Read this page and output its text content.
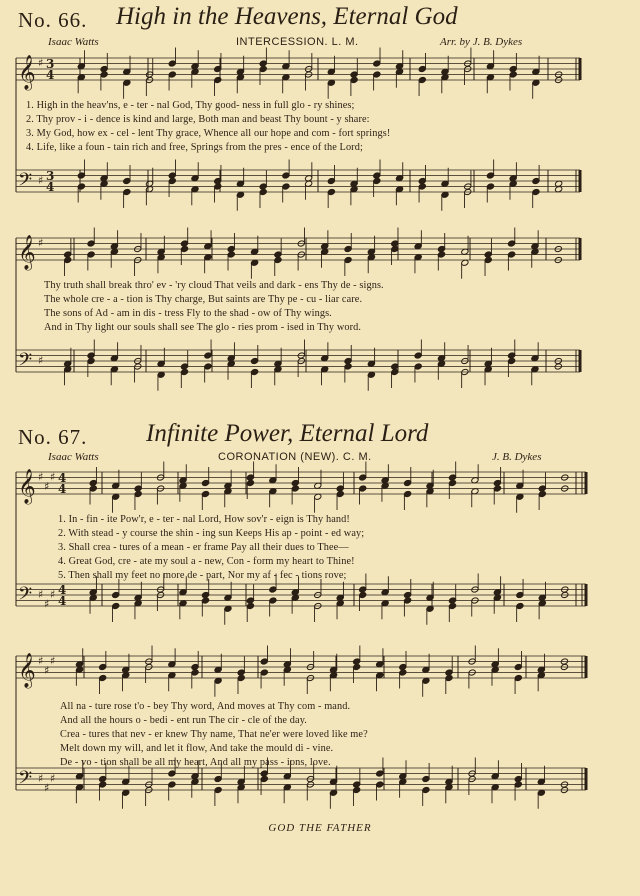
No. 66. High in the Heavens, Eternal God
Isaac Watts	INTERCESSION. L. M.	Arr. by J. B. Dykes
𝄞 ♯ 3
4
𝄢 ♯ 3
4
1. High in the heav'ns, e - ter - nal God, Thy good- ness in full glo - ry shines;
2. Thy prov - i - dence is kind and large, Both man and beast Thy bount - y share:
3. My God, how ex - cel - lent Thy grace, Whence all our hope and com - fort springs!
4. Life, like a foun - tain rich and free, Springs from the pres - ence of the Lord;
𝄞 ♯
𝄢 ♯
Thy truth shall break thro' ev - 'ry cloud That veils and dark - ens Thy de - signs.
The whole cre - a - tion is Thy charge, But saints are Thy pe - cu - liar care.
The sons of Ad - am in dis - tress Fly to the shad - ow of Thy wings.
And in Thy light our souls shall see The glo - ries prom - ised in Thy word.
No. 67. Infinite Power, Eternal Lord
Isaac Watts	CORONATION (NEW). C. M.	J. B. Dykes
𝄞 ♯
♯
♯ 4
4
𝄢 ♯
♯
♯ 4
4
1. In - fin - ite Pow'r, e - ter - nal Lord, How sov'r - eign is Thy hand!
2. With stead - y course the shin - ing sun Keeps His ap - point - ed way;
3. Shall crea - tures of a mean - er frame Pay all their dues to Thee—
4. Great God, cre - ate my soul a - new, Con - form my heart to Thine!
5. Then shall my feet no more de - part, Nor my af - fec - tions rove;
𝄞 ♯
♯
♯
𝄢 ♯
♯
♯
All na - ture rose t'o - bey Thy word, And moves at Thy com - mand.
And all the hours o - bedi - ent run The cir - cle of the day.
Crea - tures that nev - er knew Thy name, That ne'er were loved like me?
Melt down my will, and let it flow, And take the mould di - vine.
De - vo - tion shall be all my heart, And all my pass - ions, love.
GOD THE FATHER
